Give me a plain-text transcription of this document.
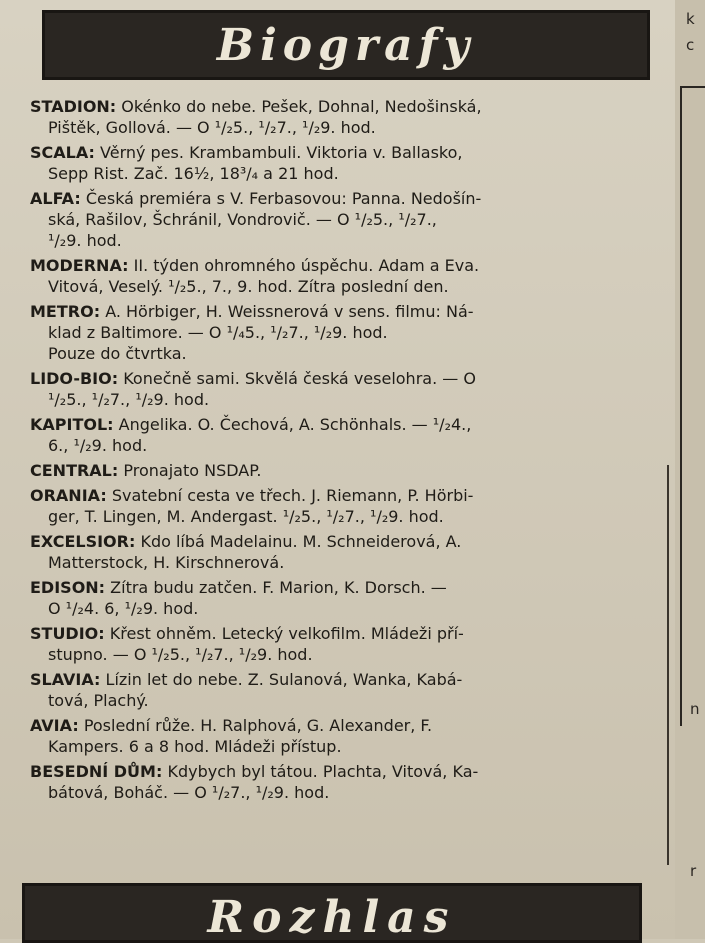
k
c
n
r
Biografy
STADION: Okénko do nebe. Pešek, Dohnal, Nedošinská,
Pištěk, Gollová. — O ¹/₂5., ¹/₂7., ¹/₂9. hod.
SCALA: Věrný pes. Krambambuli. Viktoria v. Ballasko,
Sepp Rist. Zač. 16½, 18³/₄ a 21 hod.
ALFA: Česká premiéra s V. Ferbasovou: Panna. Nedošín-
ská, Rašilov, Šchránil, Vondrovič. — O ¹/₂5., ¹/₂7.,
¹/₂9. hod.
MODERNA: II. týden ohromného úspěchu. Adam a Eva.
Vitová, Veselý. ¹/₂5., 7., 9. hod. Zítra poslední den.
METRO: A. Hörbiger, H. Weissnerová v sens. filmu: Ná-
klad z Baltimore. — O ¹/₄5., ¹/₂7., ¹/₂9. hod.
Pouze do čtvrtka.
LIDO-BIO: Konečně sami. Skvělá česká veselohra. — O
¹/₂5., ¹/₂7., ¹/₂9. hod.
KAPITOL: Angelika. O. Čechová, A. Schönhals. — ¹/₂4.,
6., ¹/₂9. hod.
CENTRAL: Pronajato NSDAP.
ORANIA: Svatební cesta ve třech. J. Riemann, P. Hörbi-
ger, T. Lingen, M. Andergast. ¹/₂5., ¹/₂7., ¹/₂9. hod.
EXCELSIOR: Kdo líbá Madelainu. M. Schneiderová, A.
Matterstock, H. Kirschnerová.
EDISON: Zítra budu zatčen. F. Marion, K. Dorsch. —
O ¹/₂4. 6, ¹/₂9. hod.
STUDIO: Křest ohněm. Letecký velkofilm. Mládeži pří-
stupno. — O ¹/₂5., ¹/₂7., ¹/₂9. hod.
SLAVIA: Lízin let do nebe. Z. Sulanová, Wanka, Kabá-
tová, Plachý.
AVIA: Poslední růže. H. Ralphová, G. Alexander, F.
Kampers. 6 a 8 hod. Mládeži přístup.
BESEDNÍ DŮM: Kdybych byl tátou. Plachta, Vitová, Ka-
bátová, Boháč. — O ¹/₂7., ¹/₂9. hod.
Rozhlas
